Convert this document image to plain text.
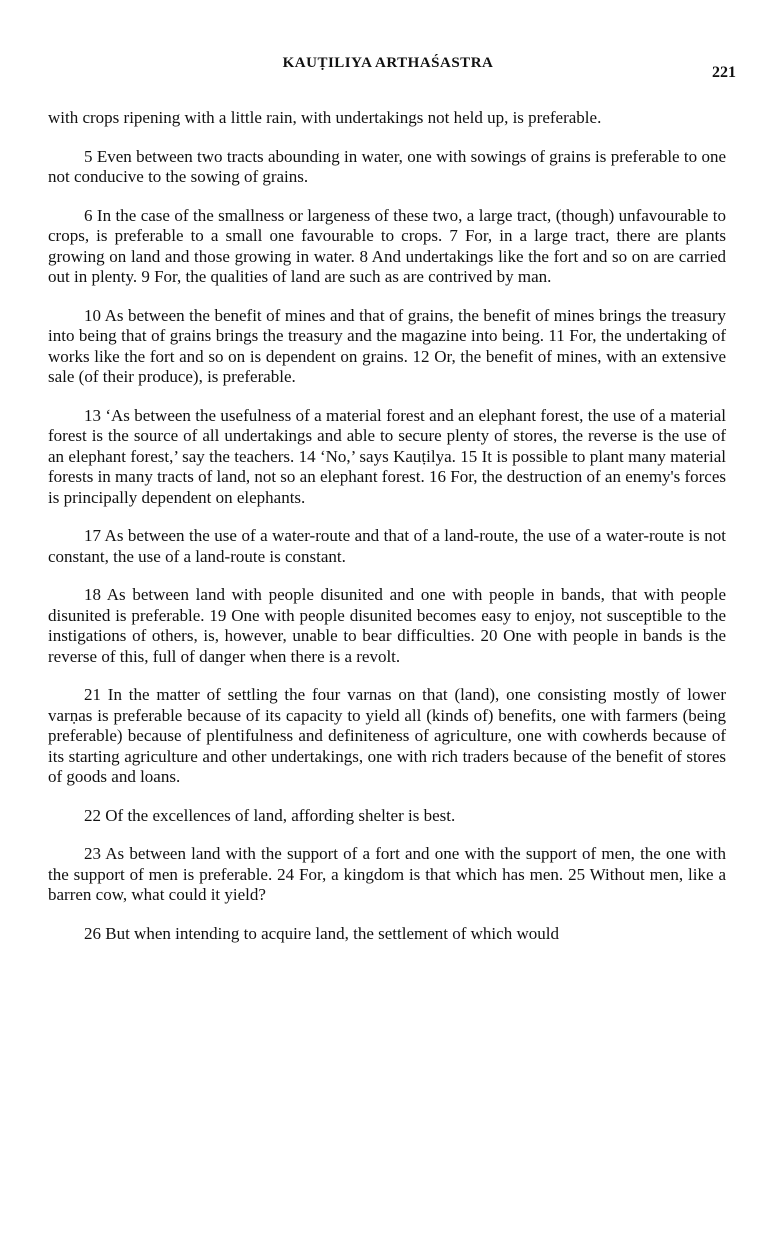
KAUṬILIYA ARTHAŚASTRA
221

with crops ripening with a little rain, with undertakings not held up, is preferable.

5 Even between two tracts abounding in water, one with sowings of grains is preferable to one not conducive to the sowing of grains.

6 In the case of the smallness or largeness of these two, a large tract, (though) unfavourable to crops, is preferable to a small one favourable to crops. 7 For, in a large tract, there are plants growing on land and those growing in water. 8 And undertakings like the fort and so on are carried out in plenty. 9 For, the qualities of land are such as are contrived by man.

10 As between the benefit of mines and that of grains, the benefit of mines brings the treasury into being that of grains brings the treasury and the magazine into being. 11 For, the undertaking of works like the fort and so on is dependent on grains. 12 Or, the benefit of mines, with an extensive sale (of their produce), is preferable.

13 ‘As between the usefulness of a material forest and an elephant forest, the use of a material forest is the source of all undertakings and able to secure plenty of stores, the reverse is the use of an elephant forest,’ say the teachers. 14 ‘No,’ says Kauṭilya. 15 It is possible to plant many material forests in many tracts of land, not so an elephant forest. 16 For, the destruction of an enemy's forces is principally dependent on elephants.

17 As between the use of a water-route and that of a land-route, the use of a water-route is not constant, the use of a land-route is constant.

18 As between land with people disunited and one with people in bands, that with people disunited is preferable. 19 One with people disunited becomes easy to enjoy, not susceptible to the instigations of others, is, however, unable to bear difficulties. 20 One with people in bands is the reverse of this, full of danger when there is a revolt.

21 In the matter of settling the four varnas on that (land), one consisting mostly of lower varṇas is preferable because of its capacity to yield all (kinds of) benefits, one with farmers (being preferable) because of plentifulness and definiteness of agriculture, one with cowherds because of its starting agriculture and other undertakings, one with rich traders because of the benefit of stores of goods and loans.

22 Of the excellences of land, affording shelter is best.

23 As between land with the support of a fort and one with the support of men, the one with the support of men is preferable. 24 For, a kingdom is that which has men. 25 Without men, like a barren cow, what could it yield?

26 But when intending to acquire land, the settlement of which would
